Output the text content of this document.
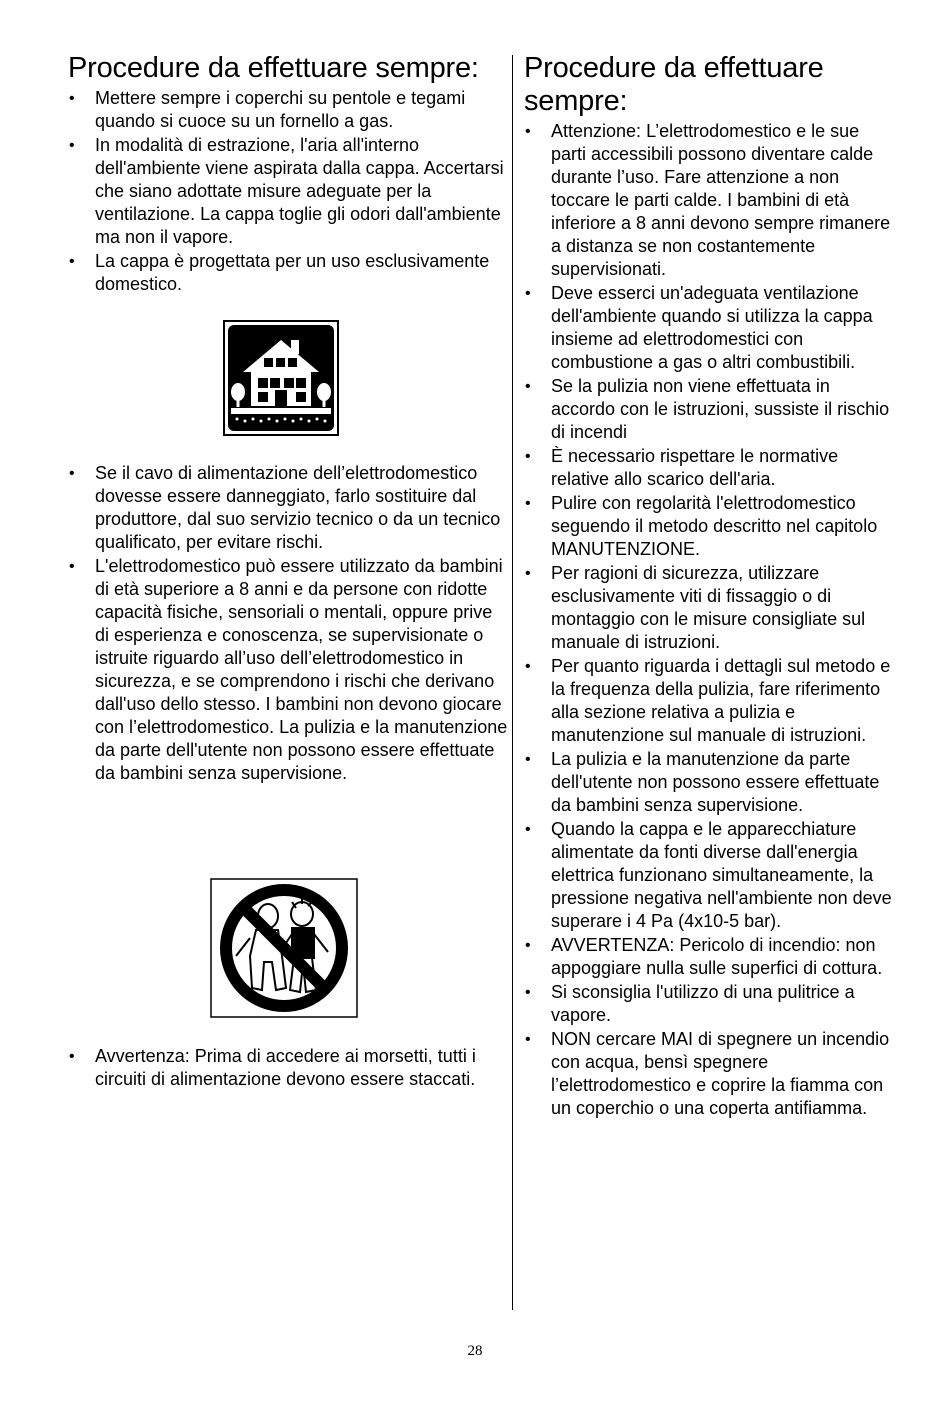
Procedure da effettuare sempre:
• Mettere sempre i coperchi su pentole e tegami quando si cuoce su un fornello a gas.
• In modalità di estrazione, l'aria all'interno dell'ambiente viene aspirata dalla cappa. Accertarsi che siano adottate misure adeguate per la ventilazione. La cappa toglie gli odori dall'ambiente ma non il vapore.
• La cappa è progettata per un uso esclusivamente domestico.
• Se il cavo di alimentazione dell’elettrodomestico dovesse essere danneggiato, farlo sostituire dal produttore, dal suo servizio tecnico o da un tecnico qualificato, per evitare rischi.
• L'elettrodomestico può essere utilizzato da bambini di età superiore a 8 anni e da persone con ridotte capacità fisiche, sensoriali o mentali, oppure prive di esperienza e conoscenza, se supervisionate o istruite riguardo all’uso dell’elettrodomestico in sicurezza, e se comprendono i rischi che derivano dall'uso dello stesso. I bambini non devono giocare con l’elettrodomestico. La pulizia e la manutenzione da parte dell'utente non possono essere effettuate da bambini senza supervisione.
• Avvertenza: Prima di accedere ai morsetti, tutti i circuiti di alimentazione devono essere staccati.
Procedure da effettuare sempre:
• Attenzione: L’elettrodomestico e le sue parti accessibili possono diventare calde durante l’uso. Fare attenzione a non toccare le parti calde. I bambini di età inferiore a 8 anni devono sempre rimanere a distanza se non costantemente supervisionati.
• Deve esserci un'adeguata ventilazione dell'ambiente quando si utilizza la cappa insieme ad elettrodomestici con combustione a gas o altri combustibili.
• Se la pulizia non viene effettuata in accordo con le istruzioni, sussiste il rischio di incendi
• È necessario rispettare le normative relative allo scarico dell'aria.
• Pulire con regolarità l'elettrodomestico seguendo il metodo descritto nel capitolo MANUTENZIONE.
• Per ragioni di sicurezza, utilizzare esclusivamente viti di fissaggio o di montaggio con le misure consigliate sul manuale di istruzioni.
• Per quanto riguarda i dettagli sul metodo e la frequenza della pulizia, fare riferimento alla sezione relativa a pulizia e manutenzione sul manuale di istruzioni.
• La pulizia e la manutenzione da parte dell'utente non possono essere effettuate da bambini senza supervisione.
• Quando la cappa e le apparecchiature alimentate da fonti diverse dall'energia elettrica funzionano simultaneamente, la pressione negativa nell'ambiente non deve superare i 4 Pa (4x10-5 bar).
• AVVERTENZA: Pericolo di incendio: non appoggiare nulla sulle superfici di cottura.
• Si sconsiglia l'utilizzo di una pulitrice a vapore.
• NON cercare MAI di spegnere un incendio con acqua, bensì spegnere l’elettrodomestico e coprire la fiamma con un coperchio o una coperta antifiamma.
28
